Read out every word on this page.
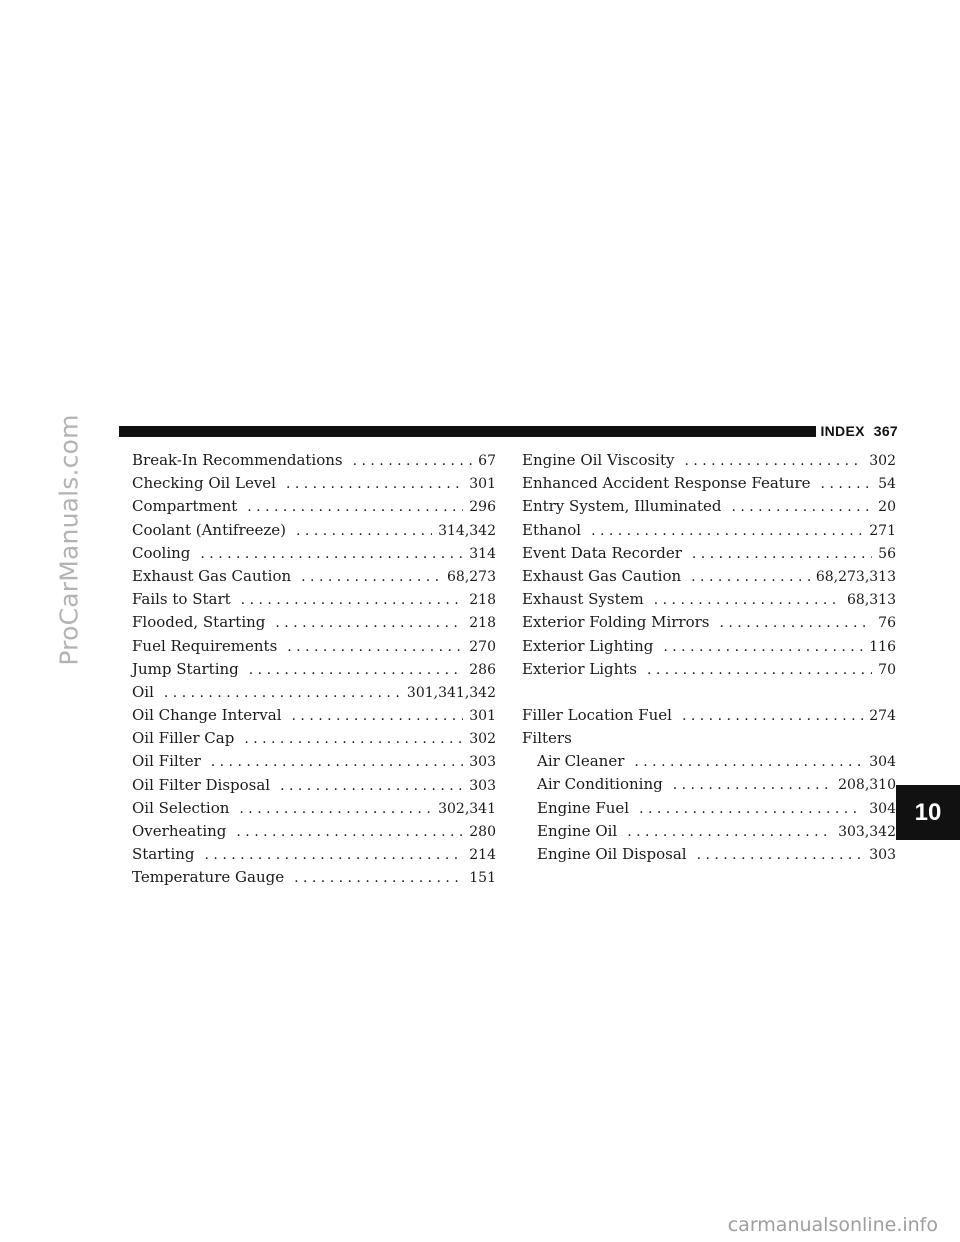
ProCarManuals.com	INDEX 367
Break-In Recommendations . . .	67
Checking Oil Level . . .	301
Compartment . . .	296
Coolant (Antifreeze) . . .	314,342
Cooling . . .	314
Exhaust Gas Caution . . .	68,273
Fails to Start . . .	218
Flooded, Starting . . .	218
Fuel Requirements . . .	270
Jump Starting . . .	286
Oil . . .	301,341,342
Oil Change Interval . . .	301
Oil Filler Cap . . .	302
Oil Filter . . .	303
Oil Filter Disposal . . .	303
Oil Selection . . .	302,341
Overheating . . .	280
Starting . . .	214
Temperature Gauge . . .	151
Engine Oil Viscosity . . .	302
Enhanced Accident Response Feature . . .	54
Entry System, Illuminated . . .	20
Ethanol . . .	271
Event Data Recorder . . .	56
Exhaust Gas Caution . . .	68,273,313
Exhaust System . . .	68,313
Exterior Folding Mirrors . . .	76
Exterior Lighting . . .	116
Exterior Lights . . .	70
Filler Location Fuel . . .	274
Filters
Air Cleaner . . .	304
Air Conditioning . . .	208,310
Engine Fuel . . .	304
Engine Oil . . .	303,342
Engine Oil Disposal . . .	303
10
carmanualsonline.info
